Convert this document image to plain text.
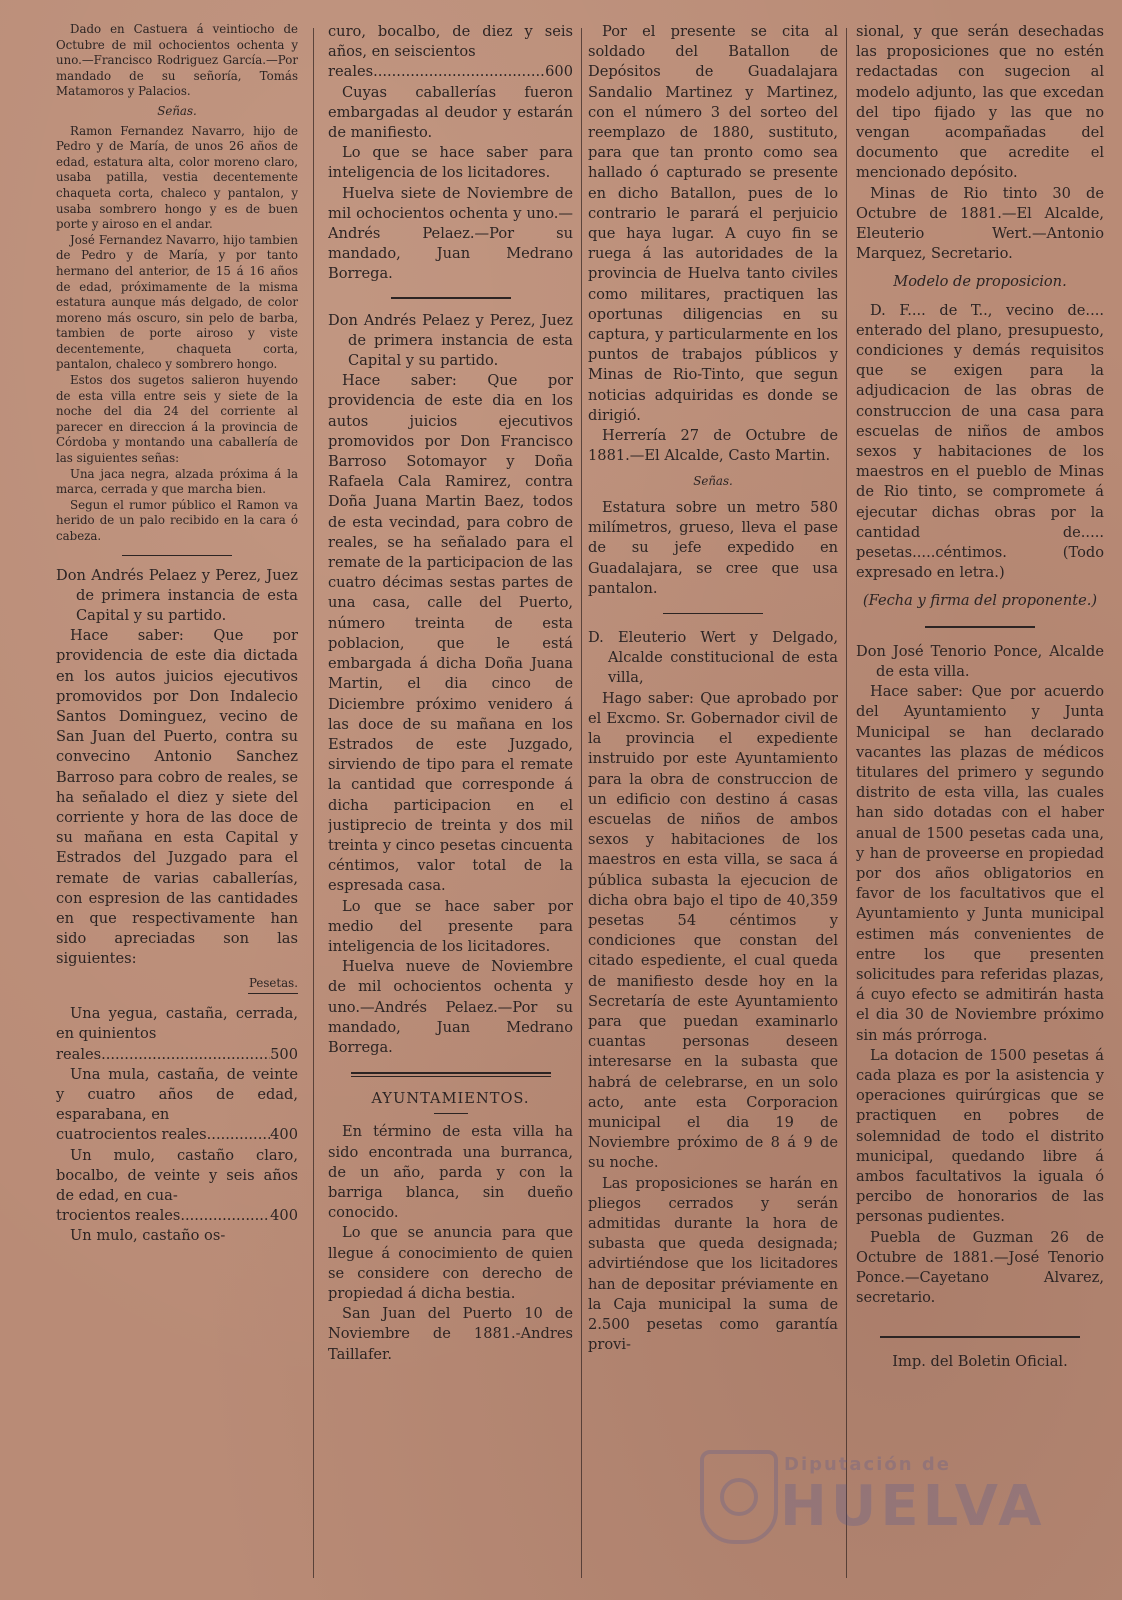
Dado en Castuera á veintiocho de Octubre de mil ochocientos ochenta y uno.—Francisco Rodriguez García.—Por mandado de su señoría, Tomás Matamoros y Palacios.

Señas.

Ramon Fernandez Navarro, hijo de Pedro y de María, de unos 26 años de edad, estatura alta, color moreno claro, usaba patilla, vestia decentemente chaqueta corta, chaleco y pantalon, y usaba sombrero hongo y es de buen porte y airoso en el andar.

José Fernandez Navarro, hijo tambien de Pedro y de María, y por tanto hermano del anterior, de 15 á 16 años de edad, próximamente de la misma estatura aunque más delgado, de color moreno más oscuro, sin pelo de barba, tambien de porte airoso y viste decentemente, chaqueta corta, pantalon, chaleco y sombrero hongo.

Estos dos sugetos salieron huyendo de esta villa entre seis y siete de la noche del dia 24 del corriente al parecer en direccion á la provincia de Córdoba y montando una caballería de las siguientes señas:

Una jaca negra, alzada próxima á la marca, cerrada y que marcha bien.

Segun el rumor público el Ramon va herido de un palo recibido en la cara ó cabeza.

Don Andrés Pelaez y Perez, Juez de primera instancia de esta Capital y su partido.

Hace saber: Que por providencia de este dia dictada en los autos juicios ejecutivos promovidos por Don Indalecio Santos Dominguez, vecino de San Juan del Puerto, contra su convecino Antonio Sanchez Barroso para cobro de reales, se ha señalado el diez y siete del corriente y hora de las doce de su mañana en esta Capital y Estrados del Juzgado para el remate de varias caballerías, con espresion de las cantidades en que respectivamente han sido apreciadas son las siguientes:

Pesetas.

Una yegua, castaña, cerrada, en quinientos

reales. .....	500

Una mula, castaña, de veinte y cuatro años de edad, esparabana, en

cuatrocientos reales .....	400

Un mulo, castaño claro, bocalbo, de veinte y seis años de edad, en cua-

trocientos reales .....	400

Un mulo, castaño os-

curo, bocalbo, de diez y seis años, en seiscientos

reales .....	600

Cuyas caballerías fueron embargadas al deudor y estarán de manifiesto.

Lo que se hace saber para inteligencia de los licitadores.

Huelva siete de Noviembre de mil ochocientos ochenta y uno.—Andrés Pelaez.—Por su mandado, Juan Medrano Borrega.

Don Andrés Pelaez y Perez, Juez de primera instancia de esta Capital y su partido.

Hace saber: Que por providencia de este dia en los autos juicios ejecutivos promovidos por Don Francisco Barroso Sotomayor y Doña Rafaela Cala Ramirez, contra Doña Juana Martin Baez, todos de esta vecindad, para cobro de reales, se ha señalado para el remate de la participacion de las cuatro décimas sestas partes de una casa, calle del Puerto, número treinta de esta poblacion, que le está embargada á dicha Doña Juana Martin, el dia cinco de Diciembre próximo venidero á las doce de su mañana en los Estrados de este Juzgado, sirviendo de tipo para el remate la cantidad que corresponde á dicha participacion en el justiprecio de treinta y dos mil treinta y cinco pesetas cincuenta céntimos, valor total de la espresada casa.

Lo que se hace saber por medio del presente para inteligencia de los licitadores.

Huelva nueve de Noviembre de mil ochocientos ochenta y uno.—Andrés Pelaez.—Por su mandado, Juan Medrano Borrega.

AYUNTAMIENTOS.

En término de esta villa ha sido encontrada una burranca, de un año, parda y con la barriga blanca, sin dueño conocido.

Lo que se anuncia para que llegue á conocimiento de quien se considere con derecho de propiedad á dicha bestia.

San Juan del Puerto 10 de Noviembre de 1881.-Andres Taillafer.

Por el presente se cita al soldado del Batallon de Depósitos de Guadalajara Sandalio Martinez y Martinez, con el número 3 del sorteo del reemplazo de 1880, sustituto, para que tan pronto como sea hallado ó capturado se presente en dicho Batallon, pues de lo contrario le parará el perjuicio que haya lugar. A cuyo fin se ruega á las autoridades de la provincia de Huelva tanto civiles como militares, practiquen las oportunas diligencias en su captura, y particularmente en los puntos de trabajos públicos y Minas de Rio-Tinto, que segun noticias adquiridas es donde se dirigió.

Herrería 27 de Octubre de 1881.—El Alcalde, Casto Martin.

Señas.

Estatura sobre un metro 580 milímetros, grueso, lleva el pase de su jefe expedido en Guadalajara, se cree que usa pantalon.

D. Eleuterio Wert y Delgado, Alcalde constitucional de esta villa,

Hago saber: Que aprobado por el Excmo. Sr. Gobernador civil de la provincia el expediente instruido por este Ayuntamiento para la obra de construccion de un edificio con destino á casas escuelas de niños de ambos sexos y habitaciones de los maestros en esta villa, se saca á pública subasta la ejecucion de dicha obra bajo el tipo de 40,359 pesetas 54 céntimos y condiciones que constan del citado espediente, el cual queda de manifiesto desde hoy en la Secretaría de este Ayuntamiento para que puedan examinarlo cuantas personas deseen interesarse en la subasta que habrá de celebrarse, en un solo acto, ante esta Corporacion municipal el dia 19 de Noviembre próximo de 8 á 9 de su noche.

Las proposiciones se harán en pliegos cerrados y serán admitidas durante la hora de subasta que queda designada; advirtiéndose que los licitadores han de depositar préviamente en la Caja municipal la suma de 2.500 pesetas como garantía provi-

sional, y que serán desechadas las proposiciones que no estén redactadas con sugecion al modelo adjunto, las que excedan del tipo fijado y las que no vengan acompañadas del documento que acredite el mencionado depósito.

Minas de Rio tinto 30 de Octubre de 1881.—El Alcalde, Eleuterio Wert.—Antonio Marquez, Secretario.

Modelo de proposicion.

D. F.... de T.., vecino de.... enterado del plano, presupuesto, condiciones y demás requisitos que se exigen para la adjudicacion de las obras de construccion de una casa para escuelas de niños de ambos sexos y habitaciones de los maestros en el pueblo de Minas de Rio tinto, se compromete á ejecutar dichas obras por la cantidad de..... pesetas.....céntimos. (Todo expresado en letra.)

(Fecha y firma del proponente.)

Don José Tenorio Ponce, Alcalde de esta villa.

Hace saber: Que por acuerdo del Ayuntamiento y Junta Municipal se han declarado vacantes las plazas de médicos titulares del primero y segundo distrito de esta villa, las cuales han sido dotadas con el haber anual de 1500 pesetas cada una, y han de proveerse en propiedad por dos años obligatorios en favor de los facultativos que el Ayuntamiento y Junta municipal estimen más convenientes de entre los que presenten solicitudes para referidas plazas, á cuyo efecto se admitirán hasta el dia 30 de Noviembre próximo sin más prórroga.

La dotacion de 1500 pesetas á cada plaza es por la asistencia y operaciones quirúrgicas que se practiquen en pobres de solemnidad de todo el distrito municipal, quedando libre á ambos facultativos la iguala ó percibo de honorarios de las personas pudientes.

Puebla de Guzman 26 de Octubre de 1881.—José Tenorio Ponce.—Cayetano Alvarez, secretario.

Imp. del Boletin Oficial.

Diputación de
HUELVA
